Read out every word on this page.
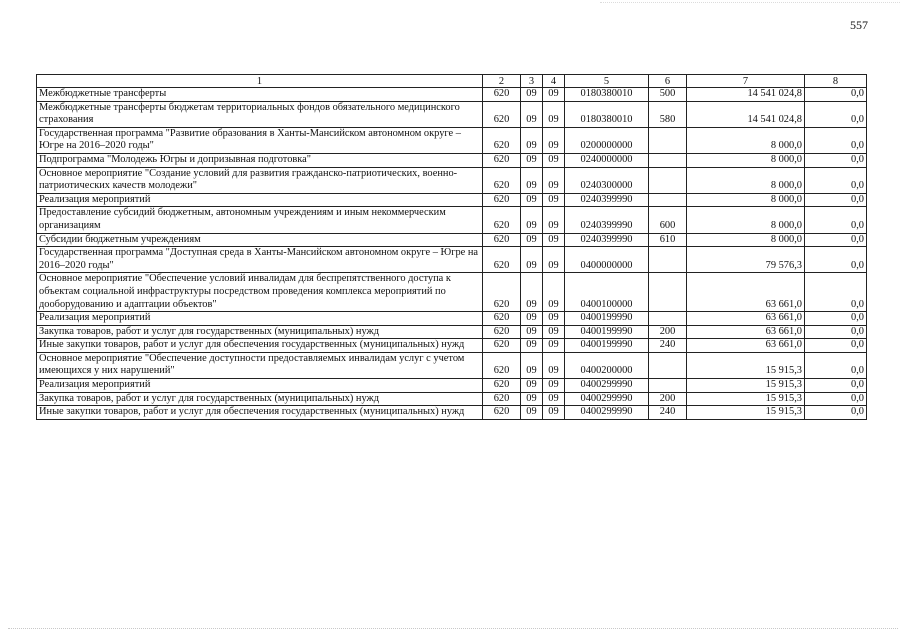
557
1	2	3	4	5	6	7	8
Межбюджетные трансферты	620	09	09	0180380010	500	14 541 024,8	0,0
Межбюджетные трансферты бюджетам территориальных фондов обязательного медицинского страхования	620	09	09	0180380010	580	14 541 024,8	0,0
Государственная программа "Развитие образования в Ханты-Мансийском автономном округе – Югре на 2016–2020 годы"	620	09	09	0200000000		8 000,0	0,0
Подпрограмма "Молодежь Югры и допризывная подготовка"	620	09	09	0240000000		8 000,0	0,0
Основное мероприятие "Создание условий для развития гражданско-патриотических, военно-патриотических качеств молодежи"	620	09	09	0240300000		8 000,0	0,0
Реализация мероприятий	620	09	09	0240399990		8 000,0	0,0
Предоставление субсидий бюджетным, автономным учреждениям и иным некоммерческим организациям	620	09	09	0240399990	600	8 000,0	0,0
Субсидии бюджетным учреждениям	620	09	09	0240399990	610	8 000,0	0,0
Государственная программа "Доступная среда в Ханты-Мансийском автономном округе – Югре на 2016–2020 годы"	620	09	09	0400000000		79 576,3	0,0
Основное мероприятие "Обеспечение условий инвалидам для беспрепятственного доступа к объектам социальной инфраструктуры посредством проведения комплекса мероприятий по дооборудованию и адаптации объектов"	620	09	09	0400100000		63 661,0	0,0
Реализация мероприятий	620	09	09	0400199990		63 661,0	0,0
Закупка товаров, работ и услуг для государственных (муниципальных) нужд	620	09	09	0400199990	200	63 661,0	0,0
Иные закупки товаров, работ и услуг для обеспечения государственных (муниципальных) нужд	620	09	09	0400199990	240	63 661,0	0,0
Основное мероприятие "Обеспечение доступности предоставляемых инвалидам услуг с учетом имеющихся у них нарушений"	620	09	09	0400200000		15 915,3	0,0
Реализация мероприятий	620	09	09	0400299990		15 915,3	0,0
Закупка товаров, работ и услуг для государственных (муниципальных) нужд	620	09	09	0400299990	200	15 915,3	0,0
Иные закупки товаров, работ и услуг для обеспечения государственных (муниципальных) нужд	620	09	09	0400299990	240	15 915,3	0,0
